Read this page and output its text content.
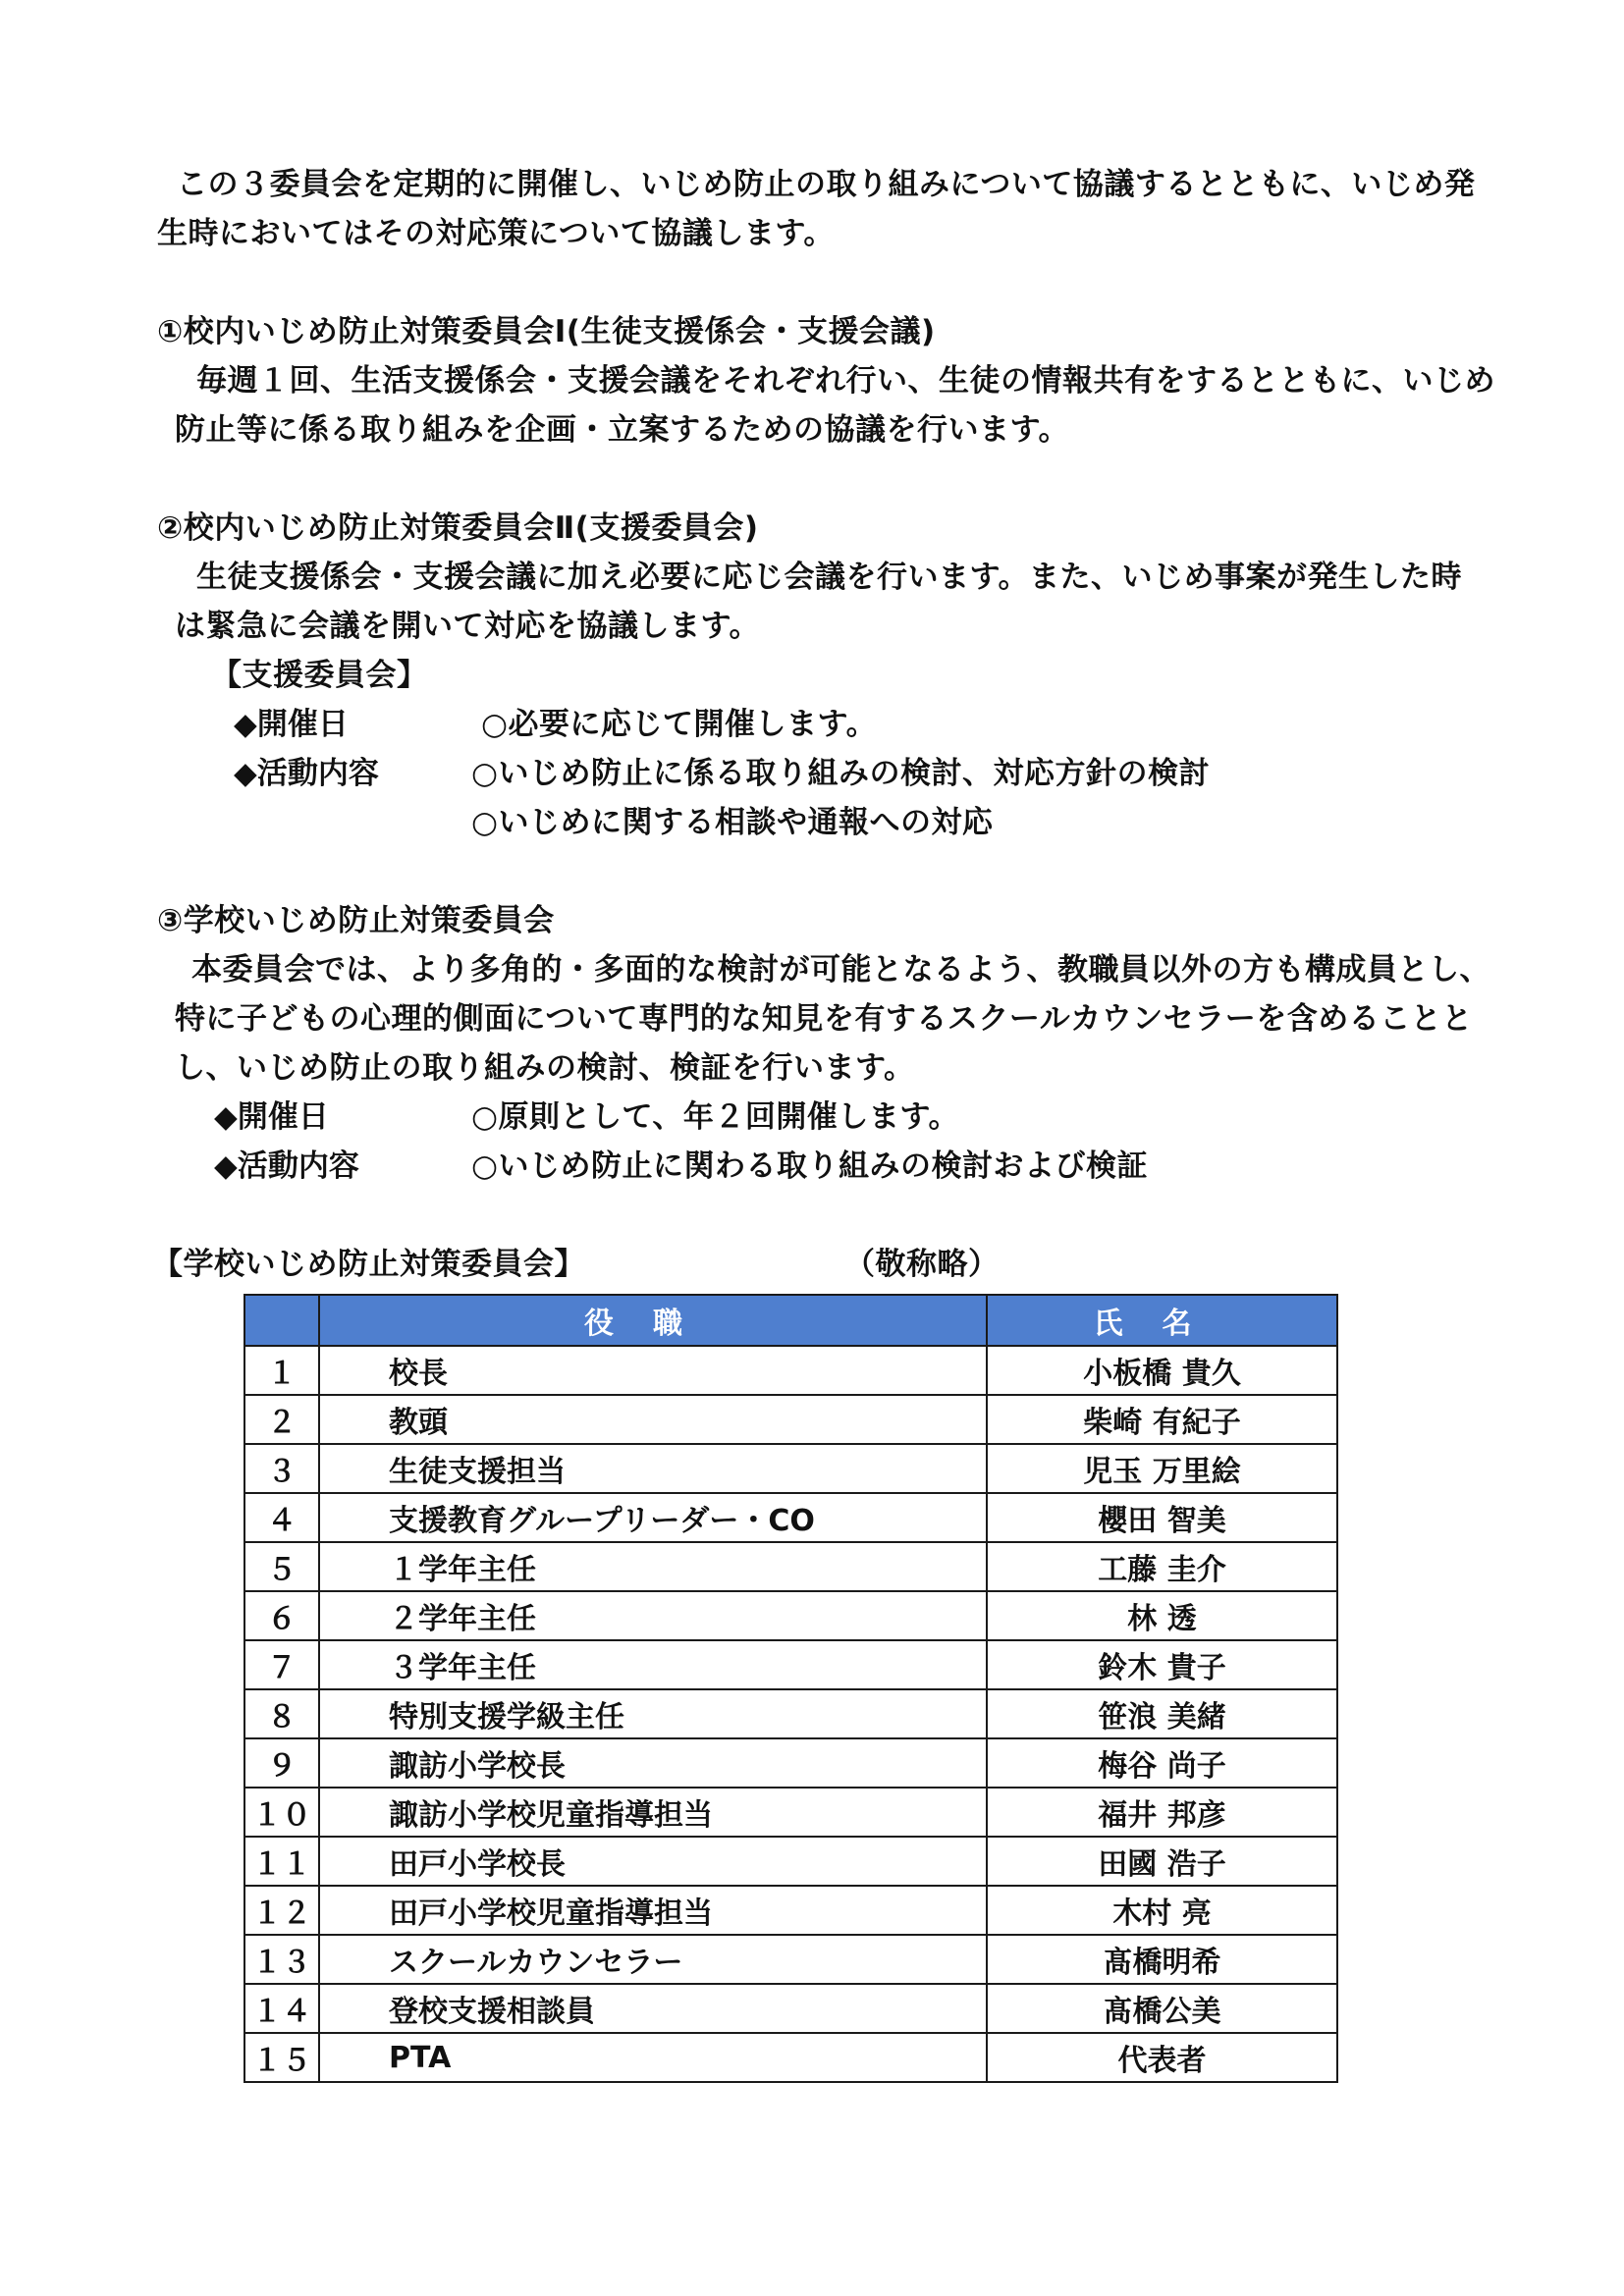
この３委員会を定期的に開催し、いじめ防止の取り組みについて協議するとともに、いじめ発
生時においてはその対応策について協議します。
①校内いじめ防止対策委員会Ⅰ(生徒支援係会・支援会議)
毎週１回、生活支援係会・支援会議をそれぞれ行い、生徒の情報共有をするとともに、いじめ
防止等に係る取り組みを企画・立案するための協議を行います。
②校内いじめ防止対策委員会Ⅱ(支援委員会)
生徒支援係会・支援会議に加え必要に応じ会議を行います。また、いじめ事案が発生した時
は緊急に会議を開いて対応を協議します。
【支援委員会】
◆開催日	○必要に応じて開催します。
◆活動内容	○いじめ防止に係る取り組みの検討、対応方針の検討
○いじめに関する相談や通報への対応
③学校いじめ防止対策委員会
本委員会では、より多角的・多面的な検討が可能となるよう、教職員以外の方も構成員とし、
特に子どもの心理的側面について専門的な知見を有するスクールカウンセラーを含めることと
し、いじめ防止の取り組みの検討、検証を行います。
◆開催日	○原則として、年２回開催します。
◆活動内容	○いじめ防止に関わる取り組みの検討および検証
【学校いじめ防止対策委員会】	（敬称略）
	役職	氏名
１	校長	小板橋 貴久
２	教頭	柴崎 有紀子
３	生徒支援担当	児玉 万里絵
４	支援教育グループリーダー・CO	櫻田 智美
５	１学年主任	工藤 圭介
６	２学年主任	林 透
７	３学年主任	鈴木 貴子
８	特別支援学級主任	笹浪 美緒
９	諏訪小学校長	梅谷 尚子
１０	諏訪小学校児童指導担当	福井 邦彦
１１	田戸小学校長	田國 浩子
１２	田戸小学校児童指導担当	木村 亮
１３	スクールカウンセラー	髙橋明希
１４	登校支援相談員	髙橋公美
１５	PTA	代表者
